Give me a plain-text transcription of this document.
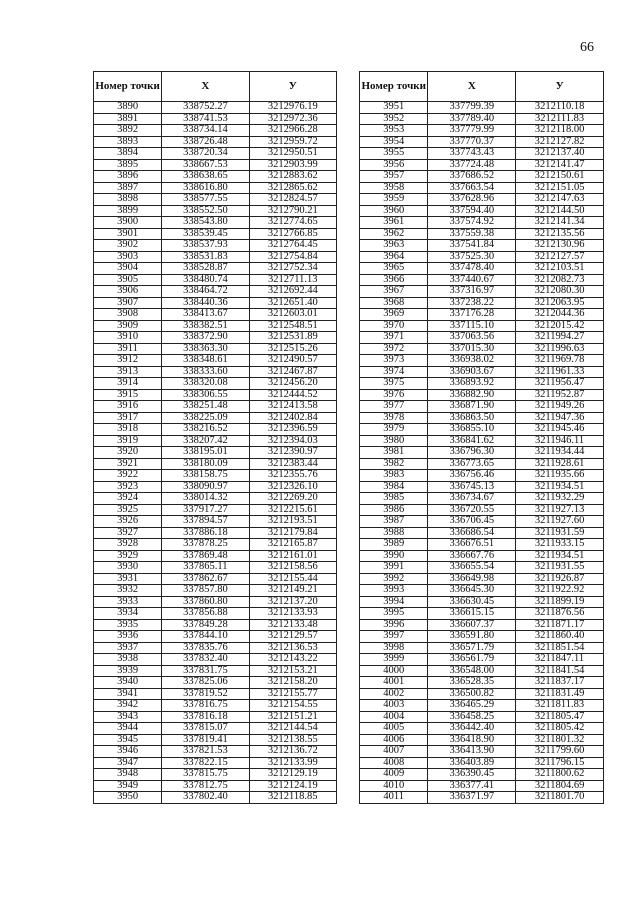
66
Номер точки	X	У
3890	338752.27	3212976.19
3891	338741.53	3212972.36
3892	338734.14	3212966.28
3893	338726.48	3212959.72
3894	338720.34	3212950.51
3895	338667.53	3212903.99
3896	338638.65	3212883.62
3897	338616.80	3212865.62
3898	338577.55	3212824.57
3899	338552.50	3212790.21
3900	338543.80	3212774.65
3901	338539.45	3212766.85
3902	338537.93	3212764.45
3903	338531.83	3212754.84
3904	338528.87	3212752.34
3905	338480.74	3212711.13
3906	338464.72	3212692.44
3907	338440.36	3212651.40
3908	338413.67	3212603.01
3909	338382.51	3212548.51
3910	338372.90	3212531.89
3911	338363.30	3212515.26
3912	338348.61	3212490.57
3913	338333.60	3212467.87
3914	338320.08	3212456.20
3915	338306.55	3212444.52
3916	338251.48	3212413.58
3917	338225.09	3212402.84
3918	338216.52	3212396.59
3919	338207.42	3212394.03
3920	338195.01	3212390.97
3921	338180.09	3212383.44
3922	338158.75	3212355.76
3923	338090.97	3212326.10
3924	338014.32	3212269.20
3925	337917.27	3212215.61
3926	337894.57	3212193.51
3927	337886.18	3212179.84
3928	337878.25	3212165.87
3929	337869.48	3212161.01
3930	337865.11	3212158.56
3931	337862.67	3212155.44
3932	337857.80	3212149.21
3933	337860.80	3212137.20
3934	337856.88	3212133.93
3935	337849.28	3212133.48
3936	337844.10	3212129.57
3937	337835.76	3212136.53
3938	337832.40	3212143.22
3939	337831.75	3212153.21
3940	337825.06	3212158.20
3941	337819.52	3212155.77
3942	337816.75	3212154.55
3943	337816.18	3212151.21
3944	337815.07	3212144.54
3945	337819.41	3212138.55
3946	337821.53	3212136.72
3947	337822.15	3212133.99
3948	337815.75	3212129.19
3949	337812.75	3212124.19
3950	337802.40	3212118.85
Номер точки	X	У
3951	337799.39	3212110.18
3952	337789.40	3212111.83
3953	337779.99	3212118.00
3954	337770.37	3212127.82
3955	337743.43	3212137.40
3956	337724.48	3212141.47
3957	337686.52	3212150.61
3958	337663.54	3212151.05
3959	337628.96	3212147.63
3960	337594.40	3212144.50
3961	337574.92	3212141.34
3962	337559.38	3212135.56
3963	337541.84	3212130.96
3964	337525.30	3212127.57
3965	337478.40	3212103.51
3966	337440.67	3212082.73
3967	337316.97	3212080.30
3968	337238.22	3212063.95
3969	337176.28	3212044.36
3970	337115.10	3212015.42
3971	337063.56	3211994.27
3972	337015.30	3211996.63
3973	336938.02	3211969.78
3974	336903.67	3211961.33
3975	336893.92	3211956.47
3976	336882.90	3211952.87
3977	336871.90	3211949.26
3978	336863.50	3211947.36
3979	336855.10	3211945.46
3980	336841.62	3211946.11
3981	336796.30	3211934.44
3982	336773.65	3211928.61
3983	336756.46	3211935.66
3984	336745.13	3211934.51
3985	336734.67	3211932.29
3986	336720.55	3211927.13
3987	336706.45	3211927.60
3988	336686.54	3211931.59
3989	336676.51	3211933.15
3990	336667.76	3211934.51
3991	336655.54	3211931.55
3992	336649.98	3211926.87
3993	336645.30	3211922.92
3994	336630.45	3211899.19
3995	336615.15	3211876.56
3996	336607.37	3211871.17
3997	336591.80	3211860.40
3998	336571.79	3211851.54
3999	336561.79	3211847.11
4000	336548.00	3211841.54
4001	336528.35	3211837.17
4002	336500.82	3211831.49
4003	336465.29	3211811.83
4004	336458.25	3211805.47
4005	336442.40	3211805.42
4006	336418.90	3211801.32
4007	336413.90	3211799.60
4008	336403.89	3211796.15
4009	336390.45	3211800.62
4010	336377.41	3211804.69
4011	336371.97	3211801.70
